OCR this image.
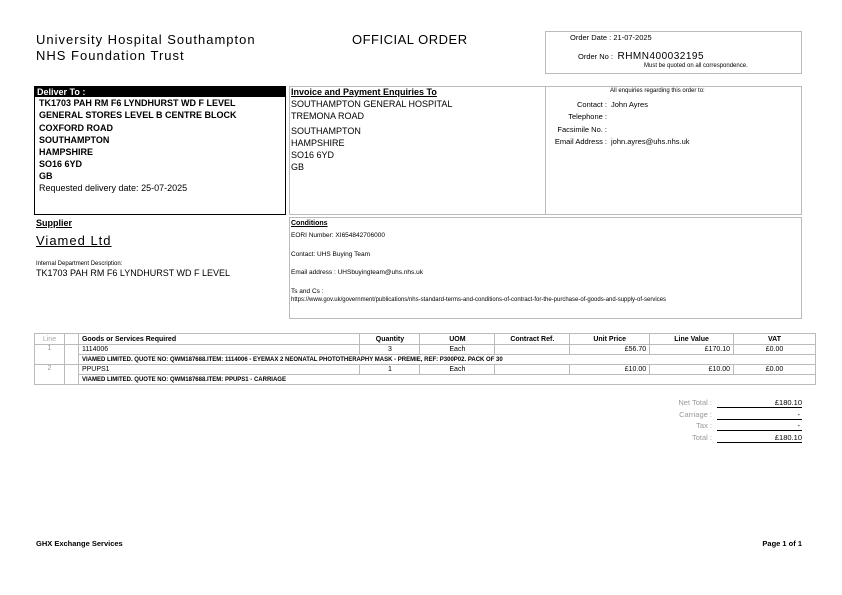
University Hospital Southampton
NHS Foundation Trust
OFFICIAL ORDER	Order Date : 21-07-2025
Order No : RHMN400032195
Must be quoted on all correspondence.
Deliver To :
TK1703 PAH RM F6 LYNDHURST WD F LEVEL
GENERAL STORES LEVEL B CENTRE BLOCK
COXFORD ROAD
SOUTHAMPTON
HAMPSHIRE
SO16 6YD
GB
Requested delivery date: 25-07-2025
Invoice and Payment Enquiries To
SOUTHAMPTON GENERAL HOSPITAL
TREMONA ROAD
SOUTHAMPTON
HAMPSHIRE
SO16 6YD
GB
All enquiries regarding this order to:
Contact : John Ayres
Telephone :
Facsimile No. :
Email Address : john.ayres@uhs.nhs.uk
Supplier
Viamed Ltd
Internal Department Description:
TK1703 PAH RM F6 LYNDHURST WD F LEVEL
Conditions
EORI Number: XI654842706000
Contact: UHS Buying Team
Email address : UHSbuyingteam@uhs.nhs.uk
Ts and Cs :
https://www.gov.uk/government/publications/nhs-standard-terms-and-conditions-of-contract-for-the-purchase-of-goods-and-supply-of-services
Line		Goods or Services Required	Quantity	UOM	Contract Ref.	Unit Price	Line Value	VAT
1		1114006	3	Each		£56.70	£170.10	£0.00
		VIAMED LIMITED. QUOTE NO: QWM187688.ITEM: 1114006 - EYEMAX 2 NEONATAL PHOTOTHERAPHY MASK - PREMIE, REF: P300P02. PACK OF 30						
2		PPUPS1	1	Each		£10.00	£10.00	£0.00
		VIAMED LIMITED. QUOTE NO: QWM187688.ITEM: PPUPS1 - CARRIAGE						
Net Total :	£180.10
Carriage :	-
Tax :	-
Total :	£180.10
GHX Exchange Services	Page 1 of 1
